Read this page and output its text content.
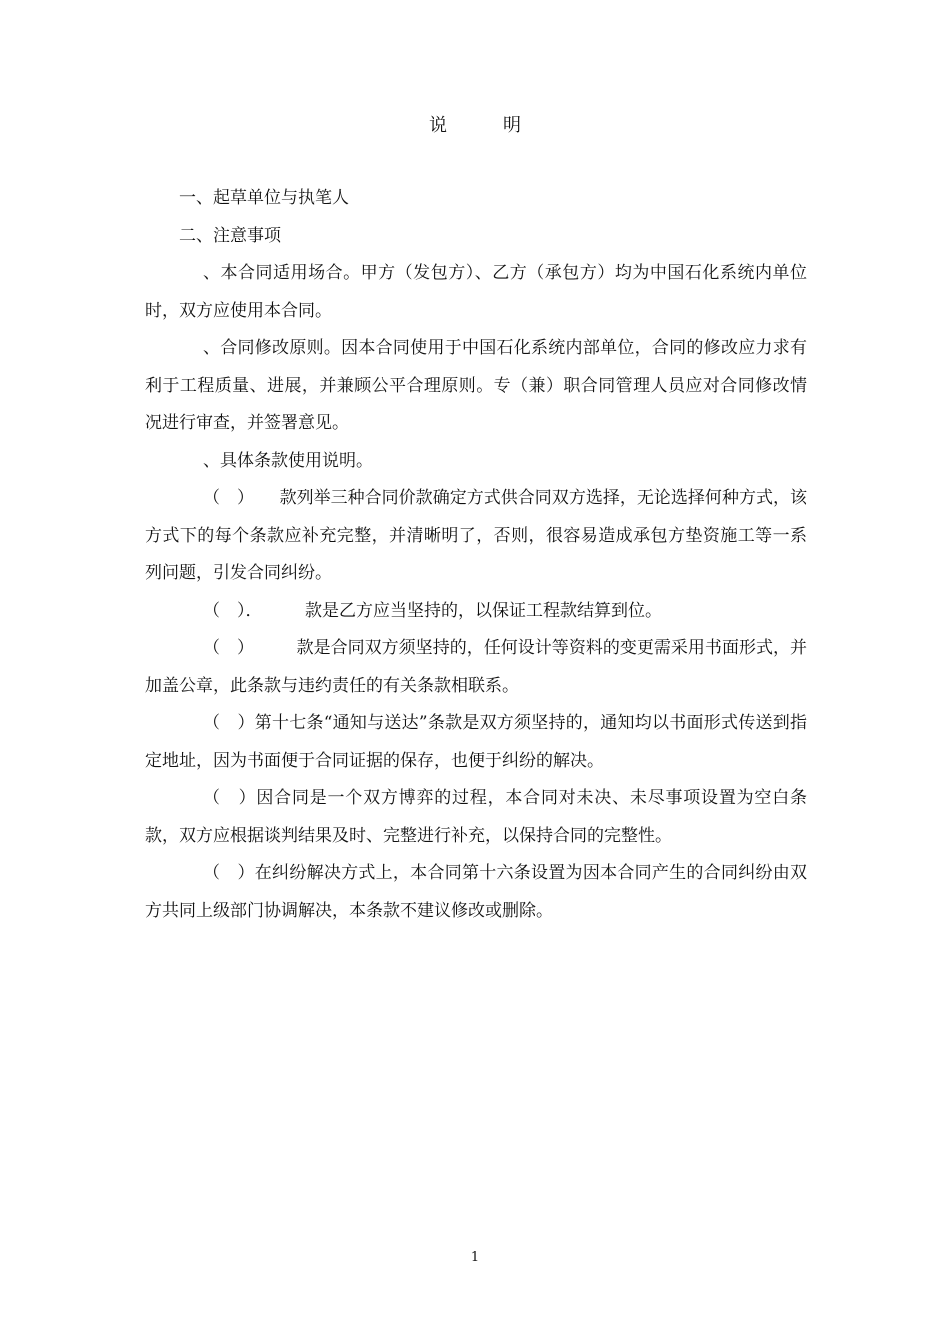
说	明

一、起草单位与执笔人

二、注意事项

、本合同适用场合。甲方（发包方）、乙方（承包方）均为中国石化系统内单位时，双方应使用本合同。

、合同修改原则。因本合同使用于中国石化系统内部单位，合同的修改应力求有利于工程质量、进展，并兼顾公平合理原则。专（兼）职合同管理人员应对合同修改情况进行审查，并签署意见。

、具体条款使用说明。

（　）　　款列举三种合同价款确定方式供合同双方选择，无论选择何种方式，该方式下的每个条款应补充完整，并清晰明了，否则，很容易造成承包方垫资施工等一系列问题，引发合同纠纷。

（　）．　　　款是乙方应当坚持的，以保证工程款结算到位。

（　）　　　款是合同双方须坚持的，任何设计等资料的变更需采用书面形式，并加盖公章，此条款与违约责任的有关条款相联系。

（　）第十七条“通知与送达”条款是双方须坚持的，通知均以书面形式传送到指定地址，因为书面便于合同证据的保存，也便于纠纷的解决。

（　）因合同是一个双方博弈的过程，本合同对未决、未尽事项设置为空白条款，双方应根据谈判结果及时、完整进行补充，以保持合同的完整性。

（　）在纠纷解决方式上，本合同第十六条设置为因本合同产生的合同纠纷由双方共同上级部门协调解决，本条款不建议修改或删除。

1
